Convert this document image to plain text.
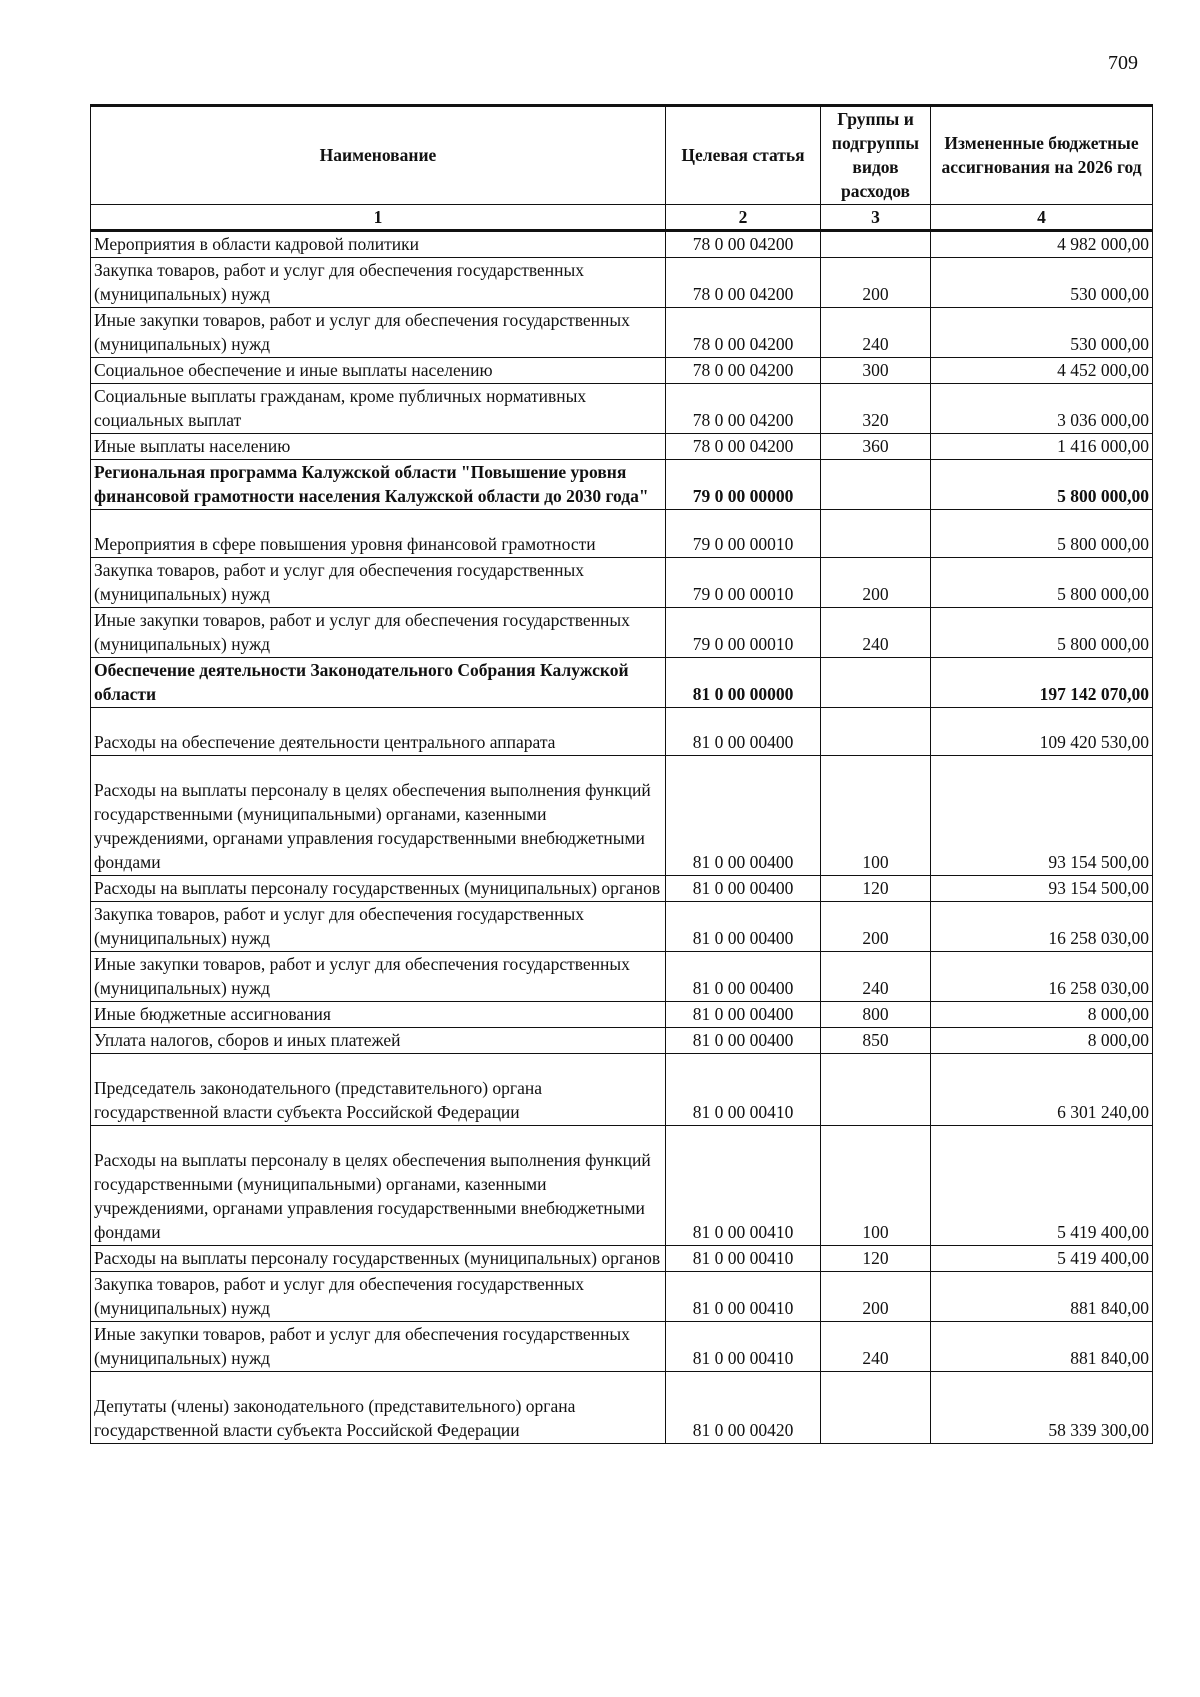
709
Наименование	Целевая статья	Группы и подгруппы видов расходов	Измененные бюджетные ассигнования на 2026 год
1	2	3	4
Мероприятия в области кадровой политики	78 0 00 04200		4 982 000,00
Закупка товаров, работ и услуг для обеспечения государственных (муниципальных) нужд	78 0 00 04200	200	530 000,00
Иные закупки товаров, работ и услуг для обеспечения государственных (муниципальных) нужд	78 0 00 04200	240	530 000,00
Социальное обеспечение и иные выплаты населению	78 0 00 04200	300	4 452 000,00
Социальные выплаты гражданам, кроме публичных нормативных социальных выплат	78 0 00 04200	320	3 036 000,00
Иные выплаты населению	78 0 00 04200	360	1 416 000,00
Региональная программа Калужской области "Повышение уровня финансовой грамотности населения Калужской области до 2030 года"	79 0 00 00000		5 800 000,00
Мероприятия в сфере повышения уровня финансовой грамотности	79 0 00 00010		5 800 000,00
Закупка товаров, работ и услуг для обеспечения государственных (муниципальных) нужд	79 0 00 00010	200	5 800 000,00
Иные закупки товаров, работ и услуг для обеспечения государственных (муниципальных) нужд	79 0 00 00010	240	5 800 000,00
Обеспечение деятельности Законодательного Собрания Калужской области	81 0 00 00000		197 142 070,00
Расходы на обеспечение деятельности центрального аппарата	81 0 00 00400		109 420 530,00
Расходы на выплаты персоналу в целях обеспечения выполнения функций государственными (муниципальными) органами, казенными учреждениями, органами управления государственными внебюджетными фондами	81 0 00 00400	100	93 154 500,00
Расходы на выплаты персоналу государственных (муниципальных) органов	81 0 00 00400	120	93 154 500,00
Закупка товаров, работ и услуг для обеспечения государственных (муниципальных) нужд	81 0 00 00400	200	16 258 030,00
Иные закупки товаров, работ и услуг для обеспечения государственных (муниципальных) нужд	81 0 00 00400	240	16 258 030,00
Иные бюджетные ассигнования	81 0 00 00400	800	8 000,00
Уплата налогов, сборов и иных платежей	81 0 00 00400	850	8 000,00
Председатель законодательного (представительного) органа государственной власти субъекта Российской Федерации	81 0 00 00410		6 301 240,00
Расходы на выплаты персоналу в целях обеспечения выполнения функций государственными (муниципальными) органами, казенными учреждениями, органами управления государственными внебюджетными фондами	81 0 00 00410	100	5 419 400,00
Расходы на выплаты персоналу государственных (муниципальных) органов	81 0 00 00410	120	5 419 400,00
Закупка товаров, работ и услуг для обеспечения государственных (муниципальных) нужд	81 0 00 00410	200	881 840,00
Иные закупки товаров, работ и услуг для обеспечения государственных (муниципальных) нужд	81 0 00 00410	240	881 840,00
Депутаты (члены) законодательного (представительного) органа государственной власти субъекта Российской Федерации	81 0 00 00420		58 339 300,00
